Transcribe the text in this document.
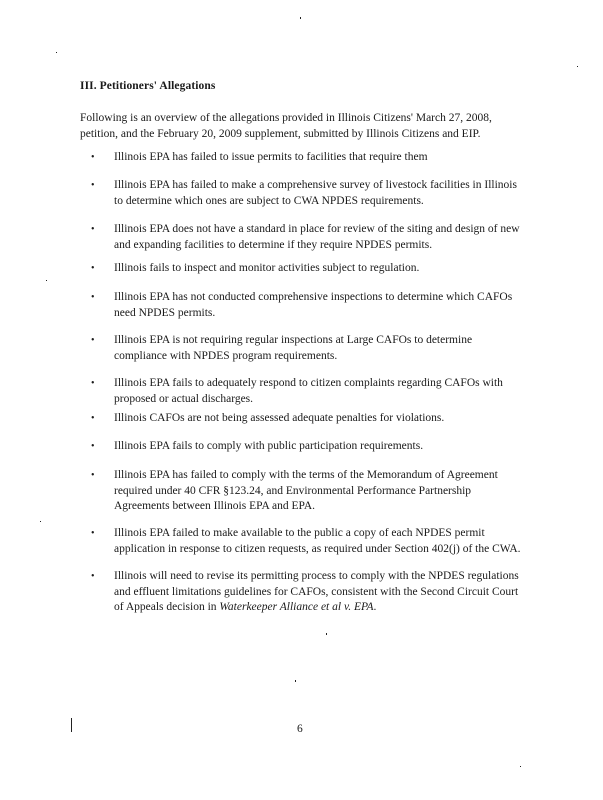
III. Petitioners' Allegations
Following is an overview of the allegations provided in Illinois Citizens' March 27, 2008, petition, and the February 20, 2009 supplement, submitted by Illinois Citizens and EIP.
•	Illinois EPA has failed to issue permits to facilities that require them
•	Illinois EPA has failed to make a comprehensive survey of livestock facilities in Illinois to determine which ones are subject to CWA NPDES requirements.
•	Illinois EPA does not have a standard in place for review of the siting and design of new and expanding facilities to determine if they require NPDES permits.
•	Illinois fails to inspect and monitor activities subject to regulation.
•	Illinois EPA has not conducted comprehensive inspections to determine which CAFOs need NPDES permits.
•	Illinois EPA is not requiring regular inspections at Large CAFOs to determine compliance with NPDES program requirements.
•	Illinois EPA fails to adequately respond to citizen complaints regarding CAFOs with proposed or actual discharges.
•	Illinois CAFOs are not being assessed adequate penalties for violations.
•	Illinois EPA fails to comply with public participation requirements.
•	Illinois EPA has failed to comply with the terms of the Memorandum of Agreement required under 40 CFR §123.24, and Environmental Performance Partnership Agreements between Illinois EPA and EPA.
•	Illinois EPA failed to make available to the public a copy of each NPDES permit application in response to citizen requests, as required under Section 402(j) of the CWA.
•	Illinois will need to revise its permitting process to comply with the NPDES regulations and effluent limitations guidelines for CAFOs, consistent with the Second Circuit Court of Appeals decision in Waterkeeper Alliance et al v. EPA.
6
